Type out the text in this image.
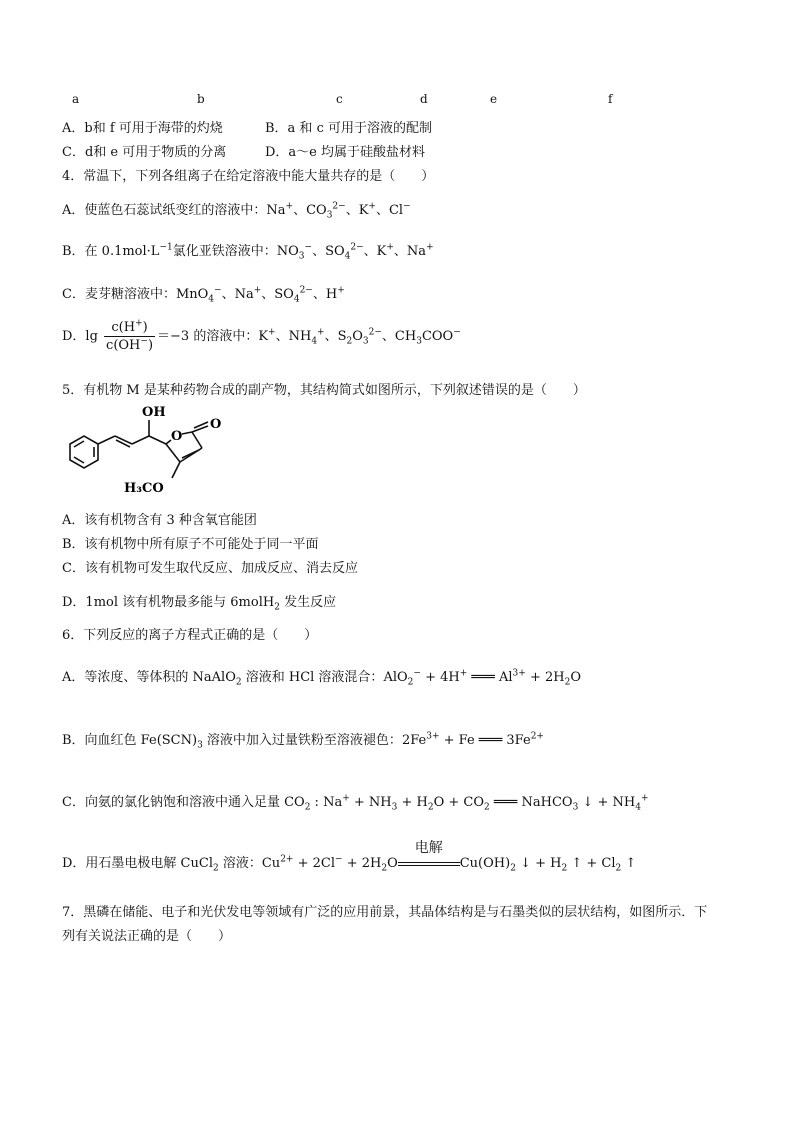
a	b	c	d	e	f
A．b和 f 可用于海带的灼烧	B．a 和 c 可用于溶液的配制
C．d和 e 可用于物质的分离	D．a～e 均属于硅酸盐材料
4．常温下，下列各组离子在给定溶液中能大量共存的是（　　）
A．使蓝色石蕊试纸变红的溶液中：Na+、$CO_3^{2-}$、K+、Cl−
B．在 $0.1mol\cdot L^{-1}$氯化亚铁溶液中：$NO_3^-$、$SO_4^{2-}$、K+、Na+
C．麦芽糖溶液中：MnO$_4$−、Na+、$SO_4^{2-}$、H+
D．$\lg \frac{c(H^+)}{c(OH^-)} =-3$ 的溶液中：K+、$NH_4^+$、$S_2O_3^{2-}$、$CH_3COO^-$
5．有机物 M 是某种药物合成的副产物，其结构简式如图所示，下列叙述错误的是（　　）
OH
O
O
H₃CO
A．该有机物含有 3 种含氧官能团
B．该有机物中所有原子不可能处于同一平面
C．该有机物可发生取代反应、加成反应、消去反应
D．1mol 该有机物最多能与 6molH$_2$ 发生反应
6．下列反应的离子方程式正确的是（　　）
A．等浓度、等体积的 NaAlO$_2$ 溶液和 HCl 溶液混合：AlO$_2$− + 4H+ ═══ $Al^{3+} + 2H_2O$
B．向血红色 $Fe(SCN)_3$ 溶液中加入过量铁粉至溶液褪色：$2Fe^{3+} + Fe$ ═══ $3Fe^{2+}$
C．向氨的氯化钠饱和溶液中通入足量 $CO_2$ : $Na^+ + NH_3 + H_2O + CO_2$ ═══ NaHCO$_3$ ↓ + $NH_4^+$
D．用石墨电极电解 CuCl$_2$ 溶液：$Cu^{2+} + 2Cl^- + 2H_2O$
电解
$Cu(OH)_2$ ↓ + $H_2$ ↑ + $Cl_2$ ↑
7．黑磷在储能、电子和光伏发电等领域有广泛的应用前景，其晶体结构是与石墨类似的层状结构，如图所示．下
列有关说法正确的是（　　）
